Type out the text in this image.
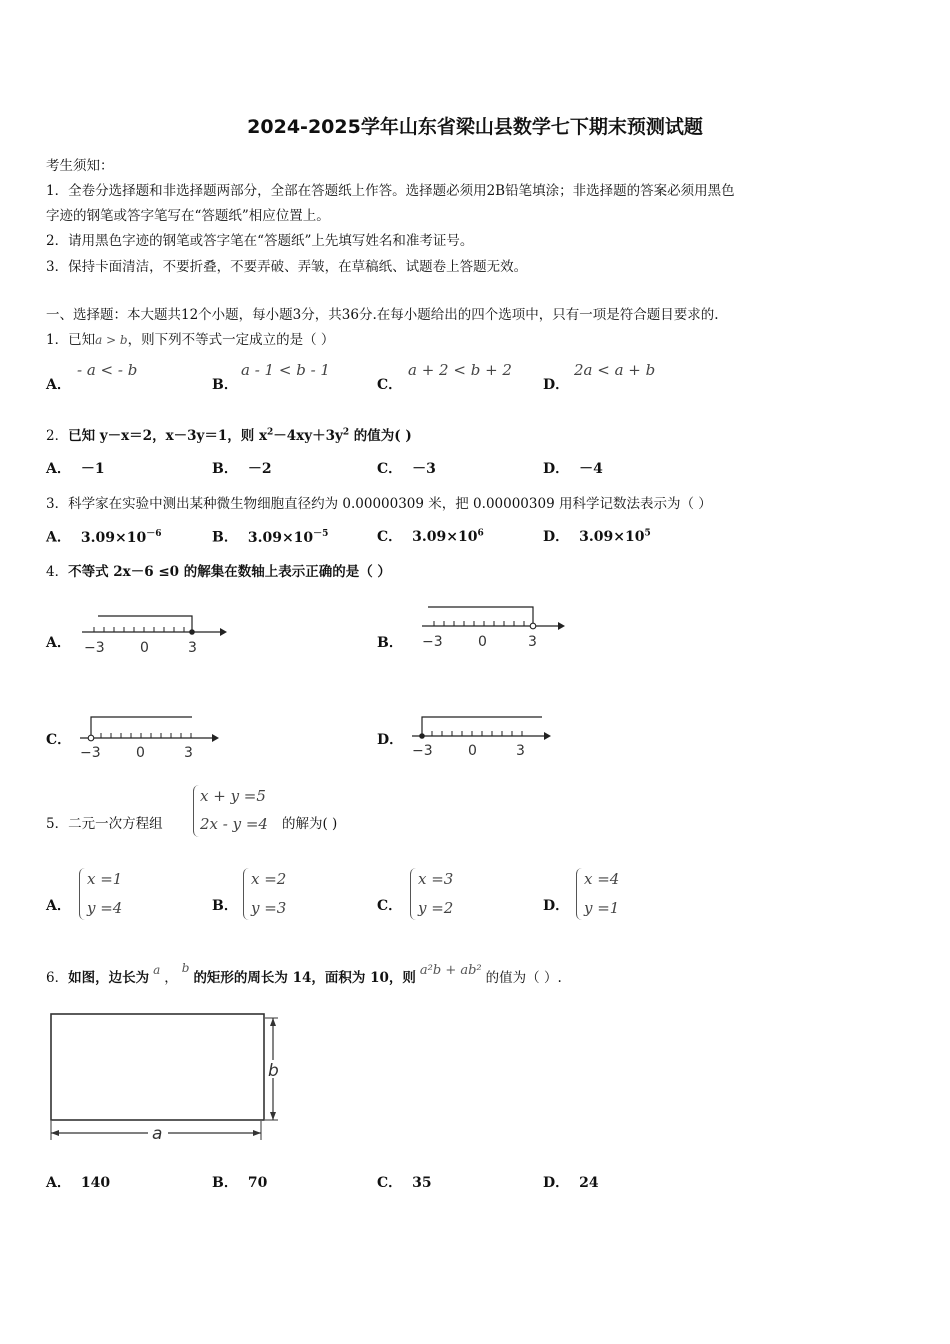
2024-2025学年山东省梁山县数学七下期末预测试题
考生须知：
1．全卷分选择题和非选择题两部分，全部在答题纸上作答。选择题必须用2B铅笔填涂；非选择题的答案必须用黑色
字迹的钢笔或答字笔写在“答题纸”相应位置上。
2．请用黑色字迹的钢笔或答字笔在“答题纸”上先填写姓名和准考证号。
3．保持卡面清洁，不要折叠，不要弄破、弄皱，在草稿纸、试题卷上答题无效。
一、选择题：本大题共12个小题，每小题3分，共36分.在每小题给出的四个选项中，只有一项是符合题目要求的.
1．已知a > b，则下列不等式一定成立的是（ ）
A．
- a < - b
B．
a - 1 < b - 1
C．
a + 2 < b + 2
D．
2a < a + b
2．已知 y－x＝2，x－3y＝1，则 $x^2-4xy+3y^2$ 的值为( )
A． －1	B． －2	C． －3	D． －4
3．科学家在实验中测出某种微生物细胞直径约为 0.00000309 米，把 0.00000309 用科学记数法表示为（ ）
A． $3.09\times 10^{-6}$	B． $3.09\times 10^{-5}$	C． $3.09\times 10^6$	D． $3.09\times 10^5$
4．不等式 2x－6 ≤0 的解集在数轴上表示正确的是（ ）
A． −3	0	3	B． −3	0	3
C．
−3	0	3
D．
−3	0	3
5．二元一次方程组
x + y =5
2x - y =4 的解为( )
A．
x =1
y =4	B．
x =2
y =3	C．
x =3
y =2	D．
x =4
y =1
6．如图，边长为 a ，b的矩形的周长为 14，面积为 10，则 a²b + ab² 的值为（ ）.
a
b
A． 140	B． 70	C． 35	D． 24
